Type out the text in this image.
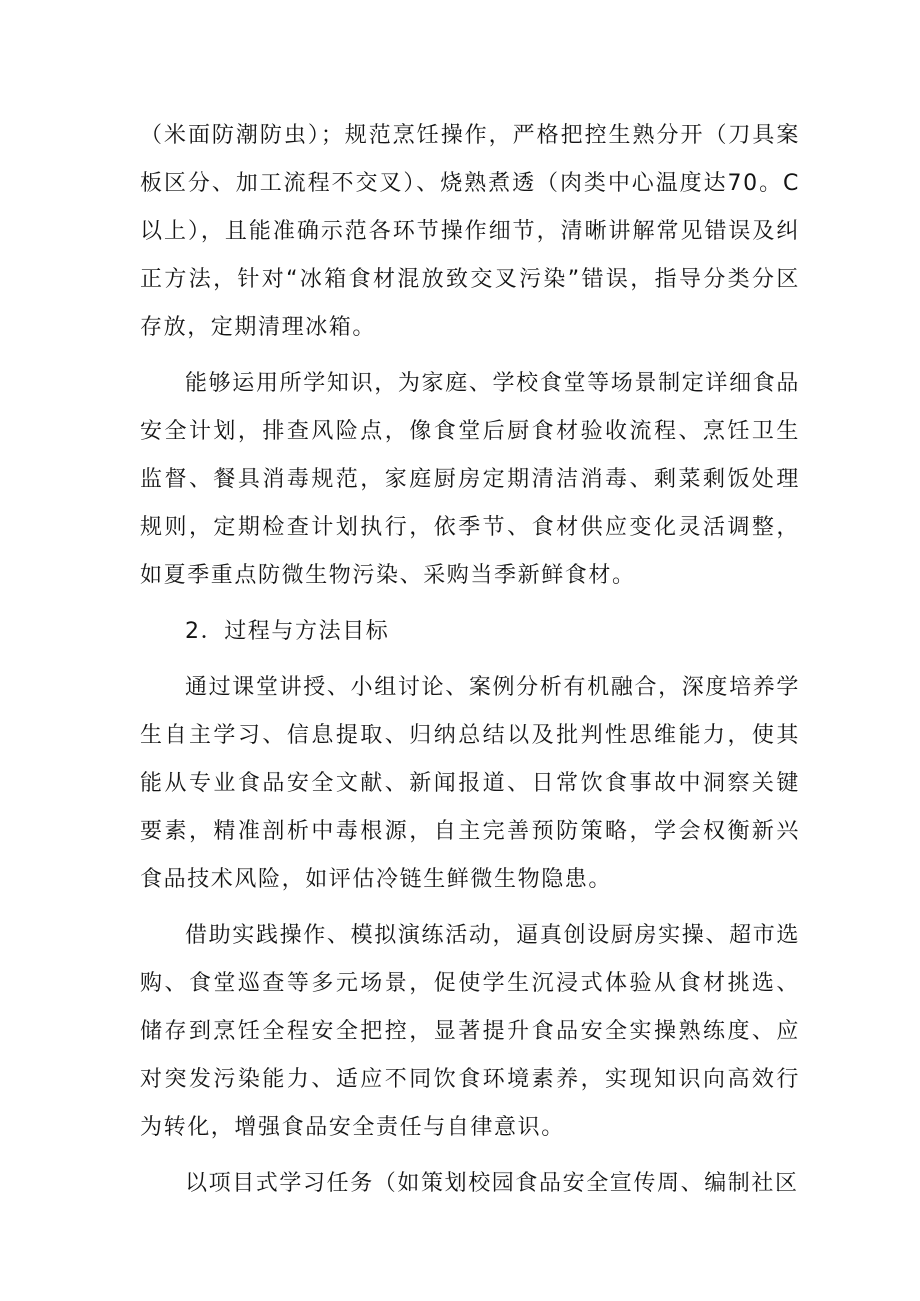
（米面防潮防虫）；规范烹饪操作，严格把控生熟分开（刀具案板区分、加工流程不交叉）、烧熟煮透（肉类中心温度达70。C以上），且能准确示范各环节操作细节，清晰讲解常见错误及纠正方法，针对“冰箱食材混放致交叉污染”错误，指导分类分区存放，定期清理冰箱。

能够运用所学知识，为家庭、学校食堂等场景制定详细食品安全计划，排查风险点，像食堂后厨食材验收流程、烹饪卫生监督、餐具消毒规范，家庭厨房定期清洁消毒、剩菜剩饭处理规则，定期检查计划执行，依季节、食材供应变化灵活调整，如夏季重点防微生物污染、采购当季新鲜食材。

2．过程与方法目标

通过课堂讲授、小组讨论、案例分析有机融合，深度培养学生自主学习、信息提取、归纳总结以及批判性思维能力，使其能从专业食品安全文献、新闻报道、日常饮食事故中洞察关键要素，精准剖析中毒根源，自主完善预防策略，学会权衡新兴食品技术风险，如评估冷链生鲜微生物隐患。

借助实践操作、模拟演练活动，逼真创设厨房实操、超市选购、食堂巡查等多元场景，促使学生沉浸式体验从食材挑选、储存到烹饪全程安全把控，显著提升食品安全实操熟练度、应对突发污染能力、适应不同饮食环境素养，实现知识向高效行为转化，增强食品安全责任与自律意识。

以项目式学习任务（如策划校园食品安全宣传周、编制社区
